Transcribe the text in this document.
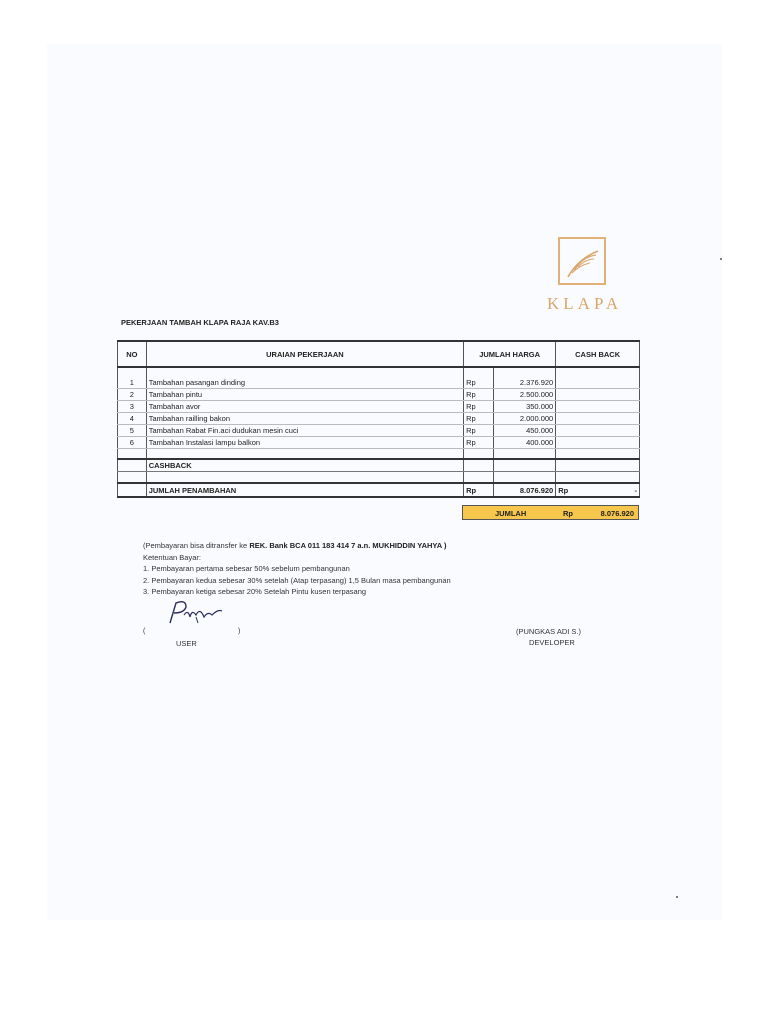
KLAPA
PEKERJAAN TAMBAH KLAPA RAJA KAV.B3
NO	URAIAN PEKERJAAN	JUMLAH HARGA		CASH BACK

1	Tambahan pasangan dinding	Rp	2.376.920	
2	Tambahan pintu	Rp	2.500.000	
3	Tambahan avor	Rp	350.000	
4	Tambahan railling bakon	Rp	2.000.000	
5	Tambahan Rabat Fin.aci dudukan mesin cuci	Rp	450.000	
6	Tambahan Instalasi lampu balkon	Rp	400.000	

	CASHBACK			

	JUMLAH PENAMBAHAN	Rp	8.076.920	Rp -
JUMLAH	Rp	8.076.920
(Pembayaran bisa ditransfer ke REK. Bank BCA 011 183 414 7 a.n. MUKHIDDIN YAHYA )
Ketentuan Bayar:
1. Pembayaran pertama sebesar 50% sebelum pembangunan
2. Pembayaran kedua sebesar 30% setelah (Atap terpasang) 1,5 Bulan masa pembangunan
3. Pembayaran ketiga sebesar 20% Setelah Pintu kusen terpasang
(	)
USER
(PUNGKAS ADI S.)
DEVELOPER
